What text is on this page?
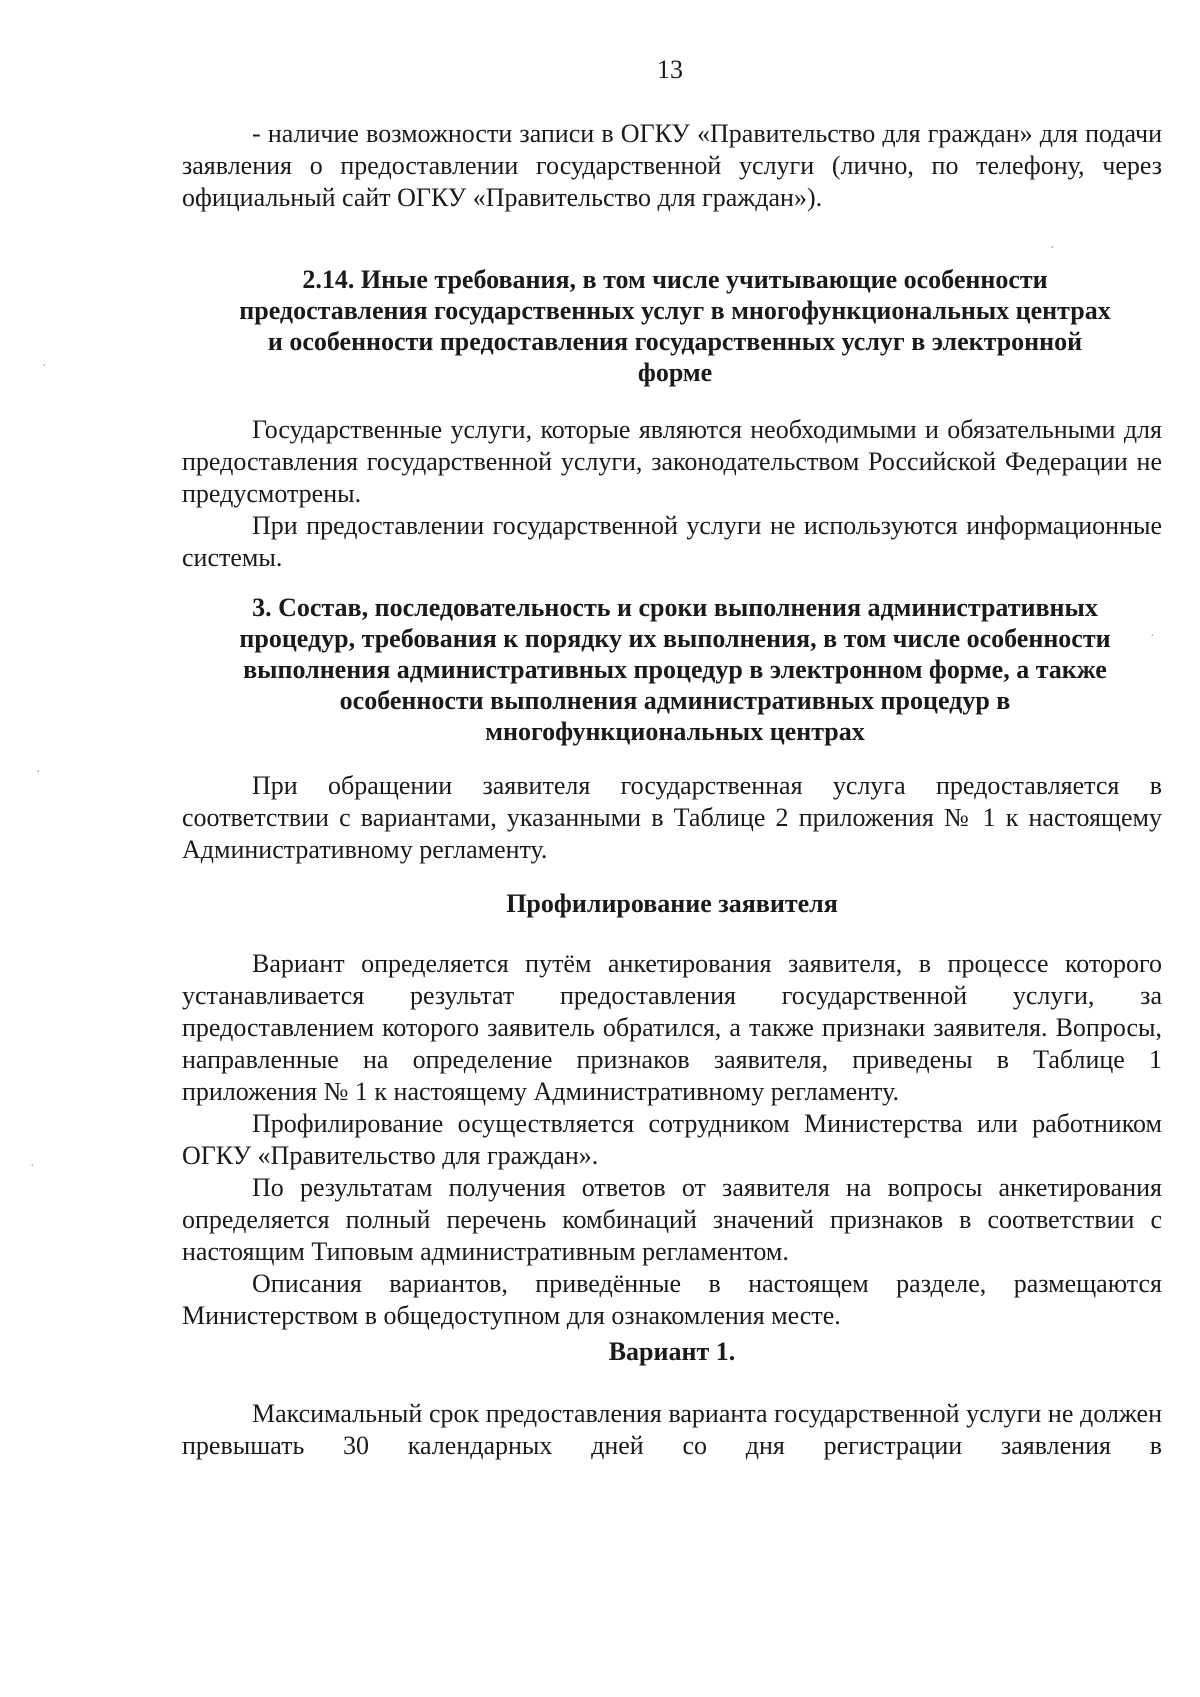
13

- наличие возможности записи в ОГКУ «Правительство для граждан» для подачи заявления о предоставлении государственной услуги (лично, по телефону, через официальный сайт ОГКУ «Правительство для граждан»).

2.14. Иные требования, в том числе учитывающие особенности
предоставления государственных услуг в многофункциональных центрах
и особенности предоставления государственных услуг в электронной
форме

Государственные услуги, которые являются необходимыми и обязательными для предоставления государственной услуги, законодательством Российской Федерации не предусмотрены.

При предоставлении государственной услуги не используются информационные системы.

3. Состав, последовательность и сроки выполнения административных
процедур, требования к порядку их выполнения, в том числе особенности
выполнения административных процедур в электронном форме, а также
особенности выполнения административных процедур в
многофункциональных центрах

При обращении заявителя государственная услуга предоставляется в соответствии с вариантами, указанными в Таблице 2 приложения № 1 к настоящему Административному регламенту.

Профилирование заявителя

Вариант определяется путём анкетирования заявителя, в процессе которого устанавливается результат предоставления государственной услуги, за предоставлением которого заявитель обратился, а также признаки заявителя. Вопросы, направленные на определение признаков заявителя, приведены в Таблице 1 приложения № 1 к настоящему Административному регламенту.

Профилирование осуществляется сотрудником Министерства или работником ОГКУ «Правительство для граждан».

По результатам получения ответов от заявителя на вопросы анкетирования определяется полный перечень комбинаций значений признаков в соответствии с настоящим Типовым административным регламентом.

Описания вариантов, приведённые в настоящем разделе, размещаются Министерством в общедоступном для ознакомления месте.

Вариант 1.

Максимальный срок предоставления варианта государственной услуги не должен превышать 30 календарных дней со дня регистрации заявления в

·
·
·
·
·
